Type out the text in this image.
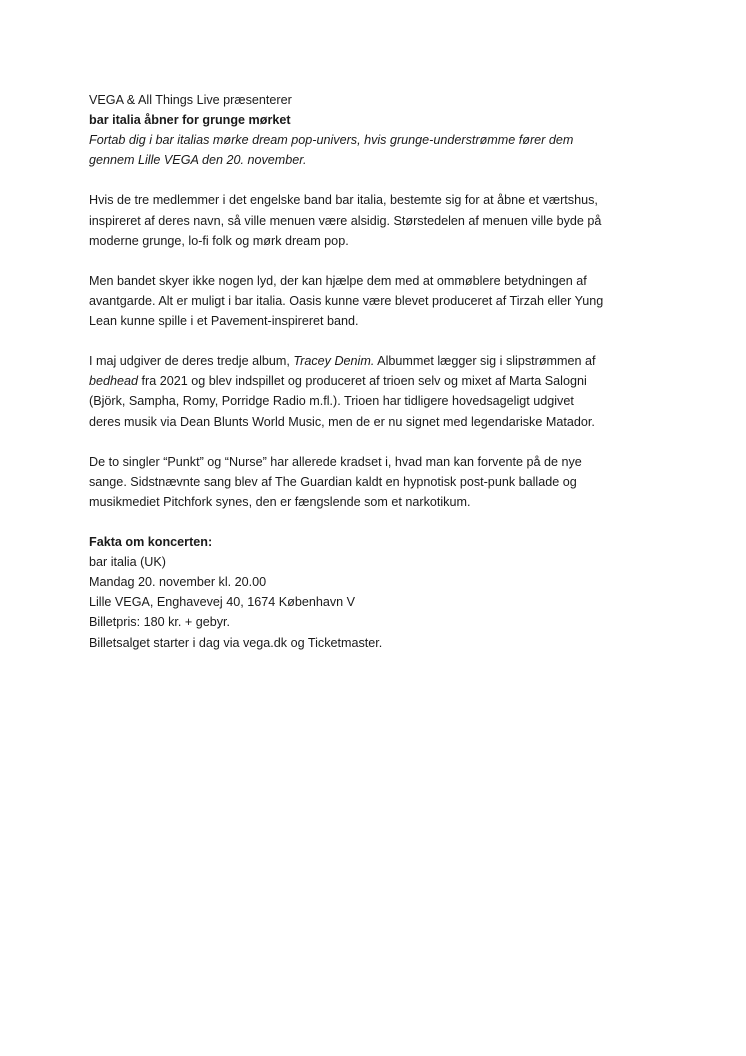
VEGA & All Things Live præsenterer
bar italia åbner for grunge mørket
Fortab dig i bar italias mørke dream pop-univers, hvis grunge-understrømme fører dem
gennem Lille VEGA den 20. november.
Hvis de tre medlemmer i det engelske band bar italia, bestemte sig for at åbne et værtshus,
inspireret af deres navn, så ville menuen være alsidig. Størstedelen af menuen ville byde på
moderne grunge, lo-fi folk og mørk dream pop.
Men bandet skyer ikke nogen lyd, der kan hjælpe dem med at ommøblere betydningen af
avantgarde. Alt er muligt i bar italia. Oasis kunne være blevet produceret af Tirzah eller Yung
Lean kunne spille i et Pavement-inspireret band.
I maj udgiver de deres tredje album, Tracey Denim. Albummet lægger sig i slipstrømmen af
bedhead fra 2021 og blev indspillet og produceret af trioen selv og mixet af Marta Salogni
(Björk, Sampha, Romy, Porridge Radio m.fl.). Trioen har tidligere hovedsageligt udgivet
deres musik via Dean Blunts World Music, men de er nu signet med legendariske Matador.
De to singler “Punkt” og “Nurse” har allerede kradset i, hvad man kan forvente på de nye
sange. Sidstnævnte sang blev af The Guardian kaldt en hypnotisk post-punk ballade og
musikmediet Pitchfork synes, den er fængslende som et narkotikum.
Fakta om koncerten:
bar italia (UK)
Mandag 20. november kl. 20.00
Lille VEGA, Enghavevej 40, 1674 København V
Billetpris: 180 kr. + gebyr.
Billetsalget starter i dag via vega.dk og Ticketmaster.
